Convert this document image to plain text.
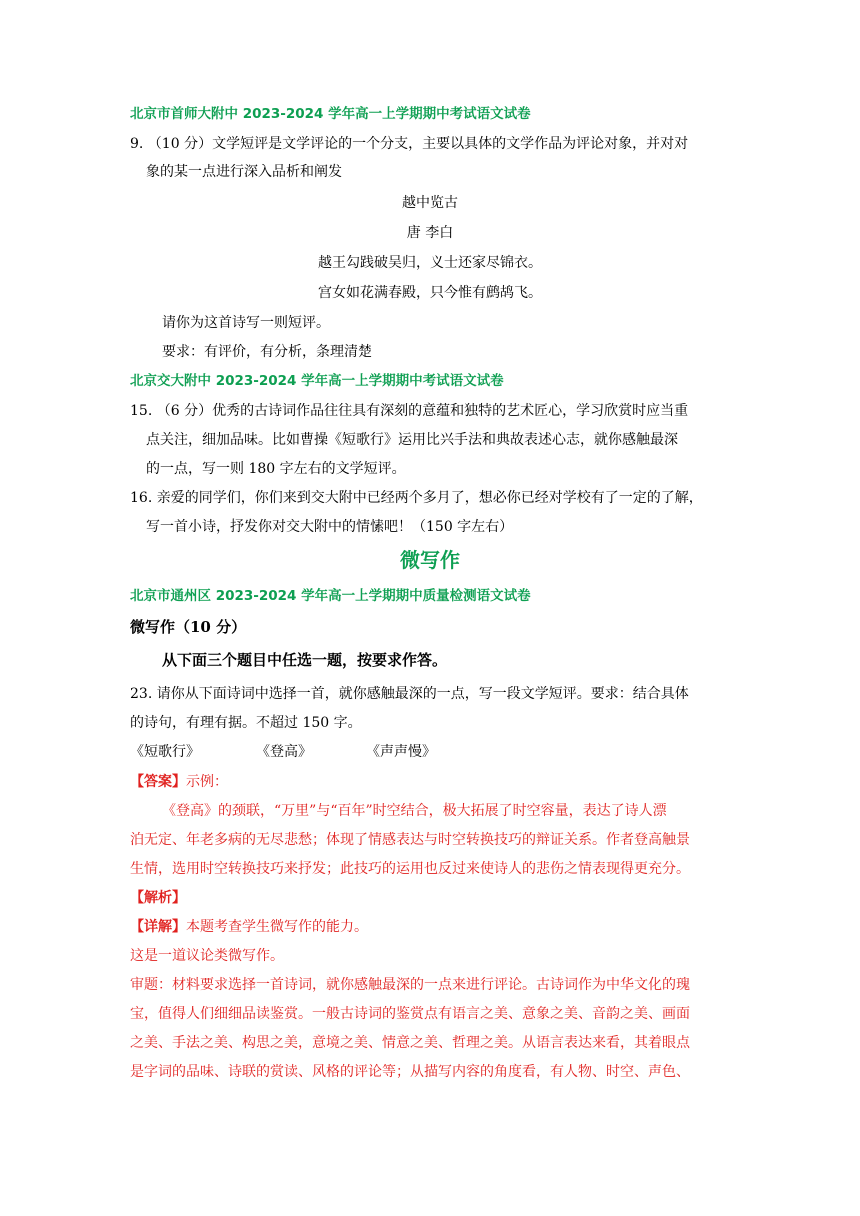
北京市首师大附中 2023-2024 学年高一上学期期中考试语文试卷
9. （10 分）文学短评是文学评论的一个分支，主要以具体的文学作品为评论对象，并对对
象的某一点进行深入品析和阐发
越中览古
唐 李白
越王勾践破吴归，义士还家尽锦衣。
宫女如花满春殿，只今惟有鹧鸪飞。
请你为这首诗写一则短评。
要求：有评价，有分析，条理清楚
北京交大附中 2023-2024 学年高一上学期期中考试语文试卷
15. （6 分）优秀的古诗词作品往往具有深刻的意蕴和独特的艺术匠心，学习欣赏时应当重
点关注，细加品味。比如曹操《短歌行》运用比兴手法和典故表述心志，就你感触最深
的一点，写一则 180 字左右的文学短评。
16. 亲爱的同学们，你们来到交大附中已经两个多月了，想必你已经对学校有了一定的了解，
写一首小诗，抒发你对交大附中的情愫吧！（150 字左右）
微写作
北京市通州区 2023-2024 学年高一上学期期中质量检测语文试卷
微写作（10 分）
从下面三个题目中任选一题，按要求作答。
23. 请你从下面诗词中选择一首，就你感触最深的一点，写一段文学短评。要求：结合具体
的诗句，有理有据。不超过 150 字。
《短歌行》	《登高》	《声声慢》
【答案】示例：
《登高》的颈联，“万里”与“百年”时空结合，极大拓展了时空容量，表达了诗人漂
泊无定、年老多病的无尽悲愁；体现了情感表达与时空转换技巧的辩证关系。作者登高触景
生情，选用时空转换技巧来抒发；此技巧的运用也反过来使诗人的悲伤之情表现得更充分。
【解析】
【详解】本题考查学生微写作的能力。
这是一道议论类微写作。
审题：材料要求选择一首诗词，就你感触最深的一点来进行评论。古诗词作为中华文化的瑰
宝，值得人们细细品读鉴赏。一般古诗词的鉴赏点有语言之美、意象之美、音韵之美、画面
之美、手法之美、构思之美，意境之美、情意之美、哲理之美。从语言表达来看，其着眼点
是字词的品味、诗联的赏读、风格的评论等；从描写内容的角度看，有人物、时空、声色、
